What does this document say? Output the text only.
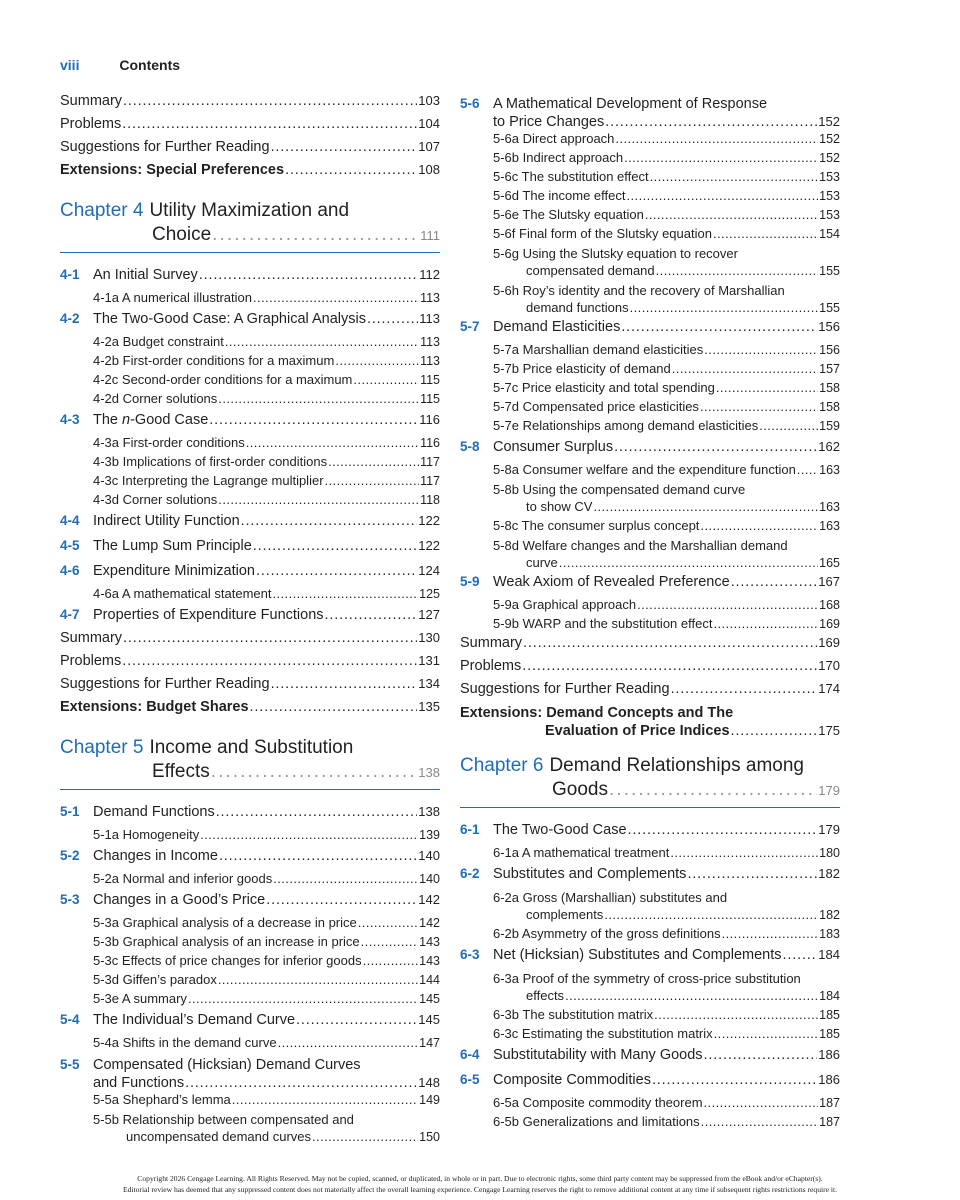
viii	Contents
Summary . . .	103
Problems . . .	104
Suggestions for Further Reading . . .	107
Extensions: Special Preferences . . .	108
Chapter 4 Utility Maximization and
Choice . . .	111
4-1 An Initial Survey . . .	112
4-1a A numerical illustration . . .	113
4-2 The Two-Good Case: A Graphical Analysis . . .	113
4-2a Budget constraint . . .	113
4-2b First-order conditions for a maximum . . .	113
4-2c Second-order conditions for a maximum . . .	115
4-2d Corner solutions . . .	115
4-3 The n-Good Case . . .	116
4-3a First-order conditions . . .	116
4-3b Implications of first-order conditions . . .	117
4-3c Interpreting the Lagrange multiplier . . .	117
4-3d Corner solutions . . .	118
4-4 Indirect Utility Function . . .	122
4-5 The Lump Sum Principle . . .	122
4-6 Expenditure Minimization . . .	124
4-6a A mathematical statement . . .	125
4-7 Properties of Expenditure Functions . . .	127
Summary . . .	130
Problems . . .	131
Suggestions for Further Reading . . .	134
Extensions: Budget Shares . . .	135
Chapter 5 Income and Substitution
Effects . . .	138
5-1 Demand Functions . . .	138
5-1a Homogeneity . . .	139
5-2 Changes in Income . . .	140
5-2a Normal and inferior goods . . .	140
5-3 Changes in a Good’s Price . . .	142
5-3a Graphical analysis of a decrease in price . . .	142
5-3b Graphical analysis of an increase in price . . .	143
5-3c Effects of price changes for inferior goods . . .	143
5-3d Giffen’s paradox . . .	144
5-3e A summary . . .	145
5-4 The Individual’s Demand Curve . . .	145
5-4a Shifts in the demand curve . . .	147
5-5 Compensated (Hicksian) Demand Curves
and Functions . . .	148
5-5a Shephard’s lemma . . .	149
5-5b Relationship between compensated and
uncompensated demand curves . . .	150
5-6 A Mathematical Development of Response
to Price Changes . . .	152
5-6a Direct approach . . .	152
5-6b Indirect approach . . .	152
5-6c The substitution effect . . .	153
5-6d The income effect . . .	153
5-6e The Slutsky equation . . .	153
5-6f Final form of the Slutsky equation . . .	154
5-6g Using the Slutsky equation to recover
compensated demand . . .	155
5-6h Roy’s identity and the recovery of Marshallian
demand functions . . .	155
5-7 Demand Elasticities . . .	156
5-7a Marshallian demand elasticities . . .	156
5-7b Price elasticity of demand . . .	157
5-7c Price elasticity and total spending . . .	158
5-7d Compensated price elasticities . . .	158
5-7e Relationships among demand elasticities . . .	159
5-8 Consumer Surplus . . .	162
5-8a Consumer welfare and the expenditure function . . . 163
5-8b Using the compensated demand curve
to show CV . . .	163
5-8c The consumer surplus concept . . .	163
5-8d Welfare changes and the Marshallian demand
curve . . .	165
5-9 Weak Axiom of Revealed Preference . . .	167
5-9a Graphical approach . . .	168
5-9b WARP and the substitution effect . . .	169
Summary . . .	169
Problems . . .	170
Suggestions for Further Reading . . .	174
Extensions: Demand Concepts and The
Evaluation of Price Indices . . .	175
Chapter 6 Demand Relationships among
Goods . . .	179
6-1 The Two-Good Case . . .	179
6-1a A mathematical treatment . . .	180
6-2 Substitutes and Complements . . .	182
6-2a Gross (Marshallian) substitutes and
complements . . .	182
6-2b Asymmetry of the gross definitions . . .	183
6-3 Net (Hicksian) Substitutes and Complements . . .	184
6-3a Proof of the symmetry of cross-price substitution
effects . . .	184
6-3b The substitution matrix . . .	185
6-3c Estimating the substitution matrix . . .	185
6-4 Substitutability with Many Goods . . .	186
6-5 Composite Commodities . . .	186
6-5a Composite commodity theorem . . .	187
6-5b Generalizations and limitations . . .	187
Copyright 2026 Cengage Learning. All Rights Reserved. May not be copied, scanned, or duplicated, in whole or in part. Due to electronic rights, some third party content may be suppressed from the eBook and/or eChapter(s).
Editorial review has deemed that any suppressed content does not materially affect the overall learning experience. Cengage Learning reserves the right to remove additional content at any time if subsequent rights restrictions require it.
